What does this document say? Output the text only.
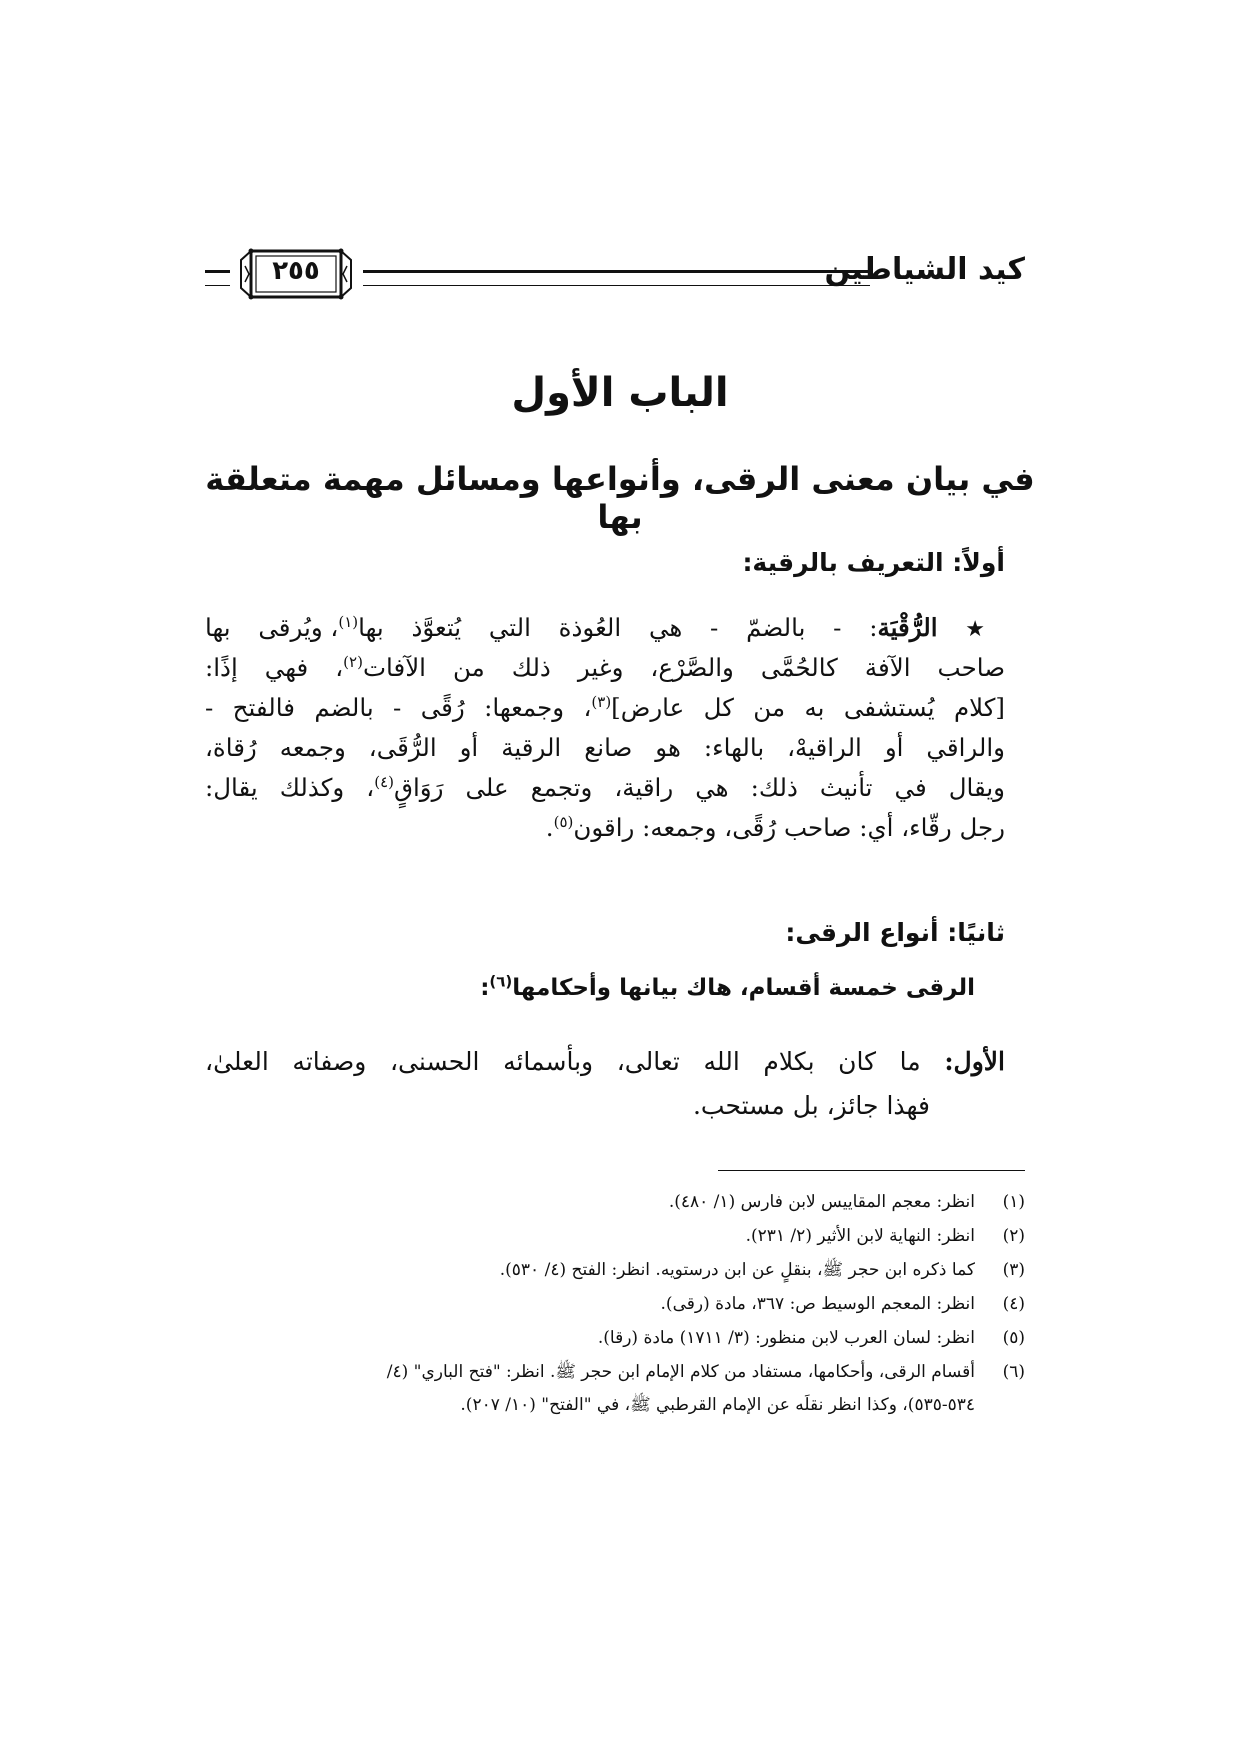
كيد الشياطين
٢٥٥
الباب الأول
في بيان معنى الرقى، وأنواعها ومسائل مهمة متعلقة بها
أولاً: التعريف بالرقية:
★ الرُّقْيَة: - بالضمّ - هي العُوذة التي يُتعوَّذ بها$^{(١)}$، ويُرقى بها
صاحب الآفة كالحُمَّى والصَّرْع، وغير ذلك من الآفات$^{(٢)}$، فهي إذًا:
[كلام يُستشفى به من كل عارض]$^{(٣)}$، وجمعها: رُقًى - بالضم فالفتح -
والراقي أو الراقيهْ، بالهاء: هو صانع الرقية أو الرُّقَى، وجمعه رُقاة،
ويقال في تأنيث ذلك: هي راقية، وتجمع على رَوَاقٍ$^{(٤)}$، وكذلك يقال:
رجل رقّاء، أي: صاحب رُقًى، وجمعه: راقون$^{(٥)}$.
ثانيًا: أنواع الرقى:
الرقى خمسة أقسام، هاك بيانها وأحكامها$^{(٦)}$:
الأول: ما كان بكلام الله تعالى، وبأسمائه الحسنى، وصفاته العلىٰ،
فهذا جائز، بل مستحب.
(١)
انظر: معجم المقاييس لابن فارس (١/ ٤٨٠).
(٢)
انظر: النهاية لابن الأثير (٢/ ٢٣١).
(٣)
كما ذكره ابن حجر ﷺ، بنقلٍ عن ابن درستويه. انظر: الفتح (٤/ ٥٣٠).
(٤)
انظر: المعجم الوسيط ص: ٣٦٧، مادة (رقى).
(٥)
انظر: لسان العرب لابن منظور: (٣/ ١٧١١) مادة (رقا).
(٦)
أقسام الرقى، وأحكامها، مستفاد من كلام الإمام ابن حجر ﷺ. انظر: "فتح الباري" (٤/
٥٣٤-٥٣٥)، وكذا انظر نقلَه عن الإمام القرطبي ﷺ، في "الفتح" (١٠/ ٢٠٧).
